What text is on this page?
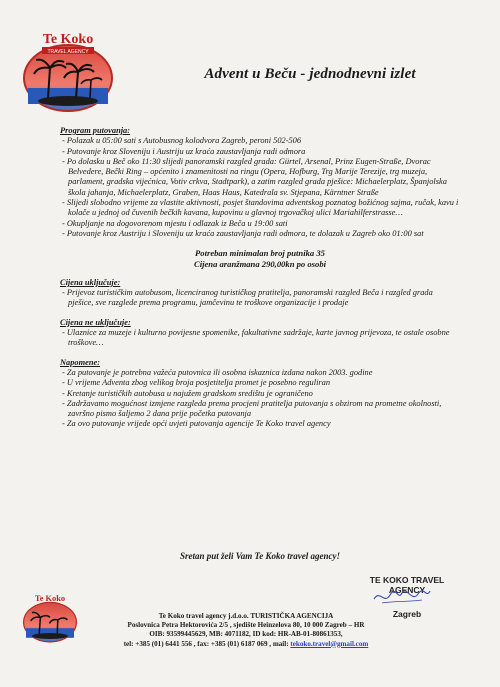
Te Koko
TRAVEL AGENCY
Advent u Beču - jednodnevni izlet

Program putovanja:

- Polazak u 05:00 sati s Autobusnog kolodvora Zagreb, peroni 502-506

- Putovanje kroz Sloveniju i Austriju uz kraća zaustavljanja radi odmora

- Po dolasku u Beč oko 11:30 slijedi panoramski razgled grada: Gürtel, Arsenal, Prinz Eugen-Straße, Dvorac Belvedere, Bečki Ring – općenito i znamenitosti na ringu (Opera, Hofburg, Trg Marije Terezije, trg muzeja, parlament, gradska vijećnica, Votiv crkva, Stadtpark), a zatim razgled grada pješice: Michaelerplatz, Španjolska škola jahanja, Michaelerplatz, Graben, Haas Haus, Katedrala sv. Stjepana, Kärntner Straße

- Slijedi slobodno vrijeme za vlastite aktivnosti, posjet štandovima adventskog poznatog božićnog sajma, ručak, kavu i kolače u jednoj od čuvenih bečkih kavana, kupovinu u glavnoj trgovačkoj ulici Mariahilferstrasse…

- Okupljanje na dogovorenom mjestu i odlazak iz Beča u 19:00 sati

- Putovanje kroz Austriju i Sloveniju uz kraća zaustavljanja radi odmora, te dolazak u Zagreb oko 01:00 sat

Potreban minimalan broj putnika 35

Cijena aranžmana 290,00kn po osobi

Cijena uključuje:

- Prijevoz turističkim autobusom, licenciranog turističkog pratitelja, panoramski razgled Beča i razgled grada pješice, sve razglede prema programu, jamčevinu te troškove organizacije i prodaje

Cijena ne uključuje:

- Ulaznice za muzeje i kulturno povijesne spomenike, fakultativne sadržaje, karte javnog prijevoza, te ostale osobne troškove…

Napomene:

- Za putovanje je potrebna važeća putovnica ili osobna iskaznica izdana nakon 2003. godine

- U vrijeme Adventa zbog velikog broja posjetitelja promet je posebno reguliran

- Kretanje turističkih autobusa u najužem gradskom središtu je ograničeno

- Zadržavamo mogućnost izmjene razgleda prema procjeni pratitelja putovanja s obzirom na prometne okolnosti, završno pismo šaljemo 2 dana prije početka putovanja

- Za ovo putovanje vrijede opći uvjeti putovanja agencije Te Koko travel agency

Sretan put želi Vam Te Koko travel agency!
TE KOKO TRAVEL AGENCY
Zagreb
Te Koko

Te Koko travel agency j.d.o.o. TURISTIČKA AGENCIJA

Poslovnica Petra Hektorovića 2/5 , sjedište Heinzelova 80, 10 000 Zagreb – HR

OIB: 93599445629, MB: 4071182, ID kod: HR-AB-01-80861353,

tel: +385 (01) 6441 556 , fax: +385 (01) 6187 069 , mail: tekoko.travel@gmail.com
